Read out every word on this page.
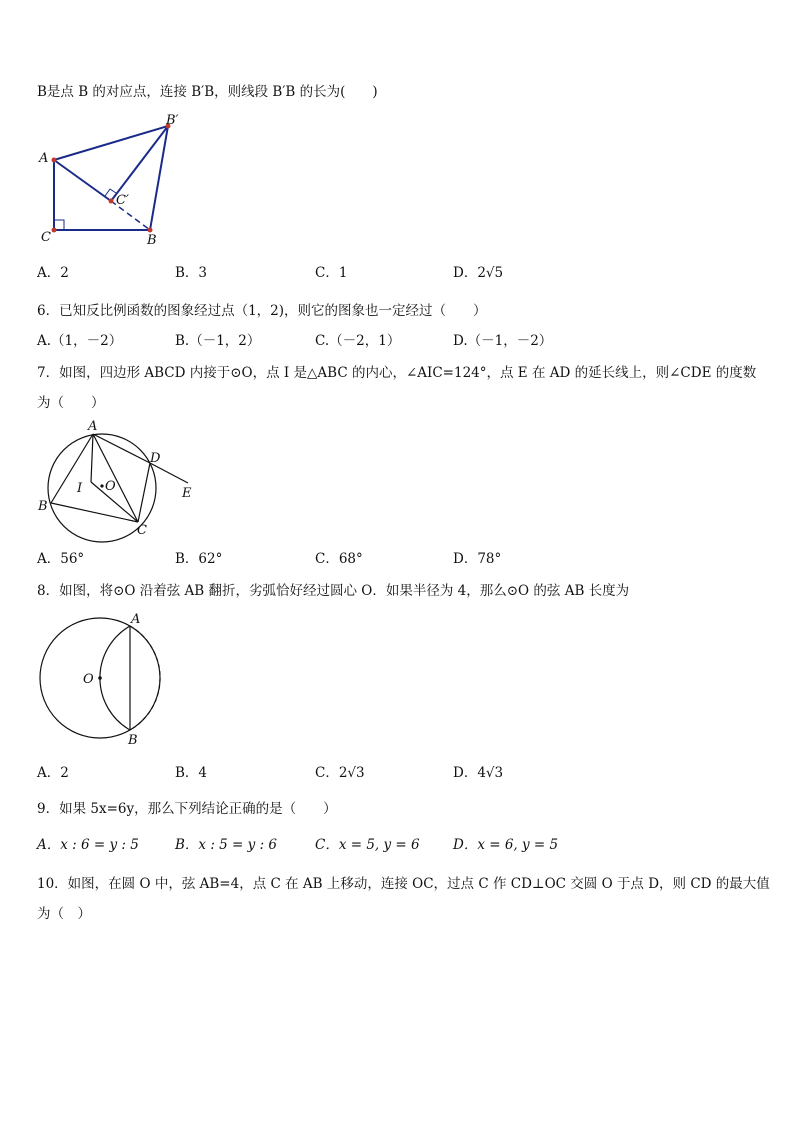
B是点 B 的对应点，连接 B′B，则线段 B′B 的长为(　　)
A
B′
C′
C	B
A．2	B．3	C．1	D．2√5
6．已知反比例函数的图象经过点（1，2)，则它的图象也一定经过（　　）
A.（1，－2）	B.（－1，2）	C.（－2，1）	D.（－1，－2）
7．如图，四边形 ABCD 内接于⊙O，点 I 是△ABC 的内心，∠AIC=124°，点 E 在 AD 的延长线上，则∠CDE 的度数
为（　　）
A
B
C
D
E
I O
A．56°	B．62°	C．68°	D．78°
8．如图，将⊙O 沿着弦 AB 翻折，劣弧恰好经过圆心 O．如果半径为 4，那么⊙O 的弦 AB 长度为
A
B
O
A．2	B．4	C．2√3	D．4√3
9．如果 5x=6y，那么下列结论正确的是（　　）
A．x : 6 = y : 5	B．x : 5 = y : 6	C．x = 5, y = 6 D．x = 6, y = 5
10．如图，在圆 O 中，弦 AB=4，点 C 在 AB 上移动，连接 OC，过点 C 作 CD⊥OC 交圆 O 于点 D，则 CD 的最大值
为（　）
